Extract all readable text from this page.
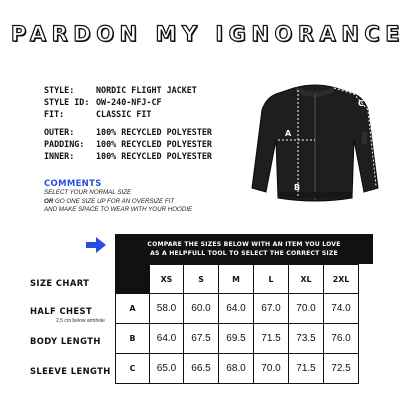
PARDON MY IGNORANCE
STYLE:	NORDIC FLIGHT JACKET
STYLE ID: OW-240-NFJ-CF
FIT:	CLASSIC FIT
OUTER:	100% RECYCLED POLYESTER
PADDING:	100% RECYCLED POLYESTER
INNER:	100% RECYCLED POLYESTER
COMMENTS
SELECT YOUR NORMAL SIZE
OR GO ONE SIZE UP FOR AN OVERSIZE FIT
AND MAKE SPACE TO WEAR WITH YOUR HOODIE
A
B
C
COMPARE THE SIZES BELOW WITH AN ITEM YOU LOVE
AS A HELPFULL TOOL TO SELECT THE CORRECT SIZE
SIZE CHART
HALF CHEST
2,5 cm below armhole
BODY LENGTH
SLEEVE LENGTH
XS	S	M	L	XL	2XL
A	58.0	60.0	64.0	67.0	70.0	74.0
B	64.0	67.5	69.5	71.5	73.5	76.0
C	65.0	66.5	68.0	70.0	71.5	72.5
